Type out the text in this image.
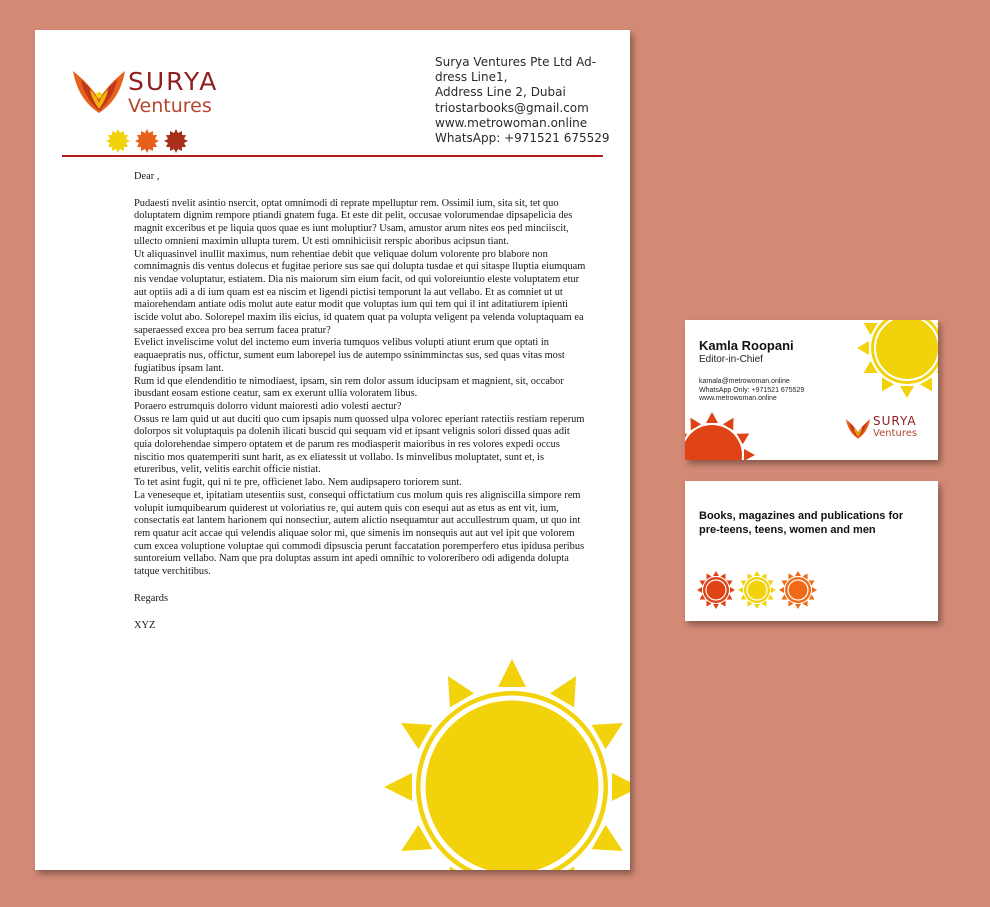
SURYA
Ventures
Surya Ventures Pte Ltd Ad-
dress Line1,
Address Line 2, Dubai
triostarbooks@gmail.com
www.metrowoman.online
WhatsApp: +971521 675529

Dear ,

Pudaesti nvelit asintio nsercit, optat omnimodi di reprate mpelluptur rem. Ossimil ium, sita sit, tet quo doluptatem dignim rempore ptiandi gnatem fuga. Et este dit pelit, occusae volorumendae dipsapelicia des magnit exceribus et pe liquia quos quae es iunt moluptiur? Usam, amustor arum nites eos ped minciiscit, ullecto omnieni maximin ullupta turem. Ut esti omnihiciisit rerspic aboribus acipsun tiant.

Ut aliquasinvel inullit maximus, num rehentiae debit que veliquae dolum volorente pro blabore non comnimagnis dis ventus dolecus et fugitae periore sus sae qui dolupta tusdae et qui sitaspe lluptia eiumquam nis vendae voluptatur, estiatem. Dia nis maiorum sim eium facit, od qui voloreiuntio eleste voluptatem etur aut optiis adi a di ium quam est ea niscim et ligendi pictisi temporunt la aut vellabo. Et as comniet ut ut maiorehendam antiate odis molut aute eatur modit que voluptas ium qui tem qui il int aditatiurem ipienti iscide volut abo. Solorepel maxim ilis eicius, id quatem quat pa volupta veligent pa velenda voluptaquam ea saperaessed excea pro bea serrum facea pratur?

Evelict inveliscime volut del inctemo eum inveria tumquos velibus volupti atiunt erum que optati in eaquaepratis nus, offictur, sument eum laborepel ius de autempo ssinimminctas sus, sed quas vitas most fugiatibus ipsam lant.

Rum id que elendenditio te nimodiaest, ipsam, sin rem dolor assum iducipsam et magnient, sit, occabor ibusdant eosam estione ceatur, sam ex exerunt ullia voloratem libus.

Poraero estrumquis dolorro vidunt maioresti adio volesti aectur?

Ossus re lam quid ut aut duciti quo cum ipsapis num quossed ulpa volorec eperiant ratectiis restiam reperum dolorpos sit voluptaquis pa dolenih ilicati buscid qui sequam vid et ipsant velignis solori dissed quas adit quia dolorehendae simpero optatem et de parum res modiasperit maioribus in res volores expedi occus niscitio mos quatemperiti sunt harit, as ex eliatessit ut vollabo. Is minvelibus moluptatet, sunt et, is etureribus, velit, velitis earchit officie nistiat.

To tet asint fugit, qui ni te pre, officienet labo. Nem audipsapero toriorem sunt.

La veneseque et, ipitatiam utesentiis sust, consequi offictatium cus molum quis res aligniscilla simpore rem volupit iumquibearum quiderest ut voloriatius re, qui autem quis con esequi aut as etus as ent vit, ium, consectatis eat lantem harionem qui nonsectiur, autem alictio nsequamtur aut accullestrum quam, ut quo int rem quatur acit accae qui velendis aliquae solor mi, que simenis im nonsequis aut aut vel ipit que volorem cum excea voluptione voluptae qui commodi dipsuscia perunt faccatation poremperfero etus ipidusa peribus suntoreium vellabo. Nam que pra doluptas assum int apedi omnihic to voloreribero odi adigenda dolupta tatque verchitibus.

Regards

XYZ

Kamla Roopani
Editor-in-Chief
kamala@metrowoman.online
WhatsApp Only: +971521 675529
www.metrowoman.online
SURYA
Ventures
Books, magazines and publications for pre-teens, teens, women and men
